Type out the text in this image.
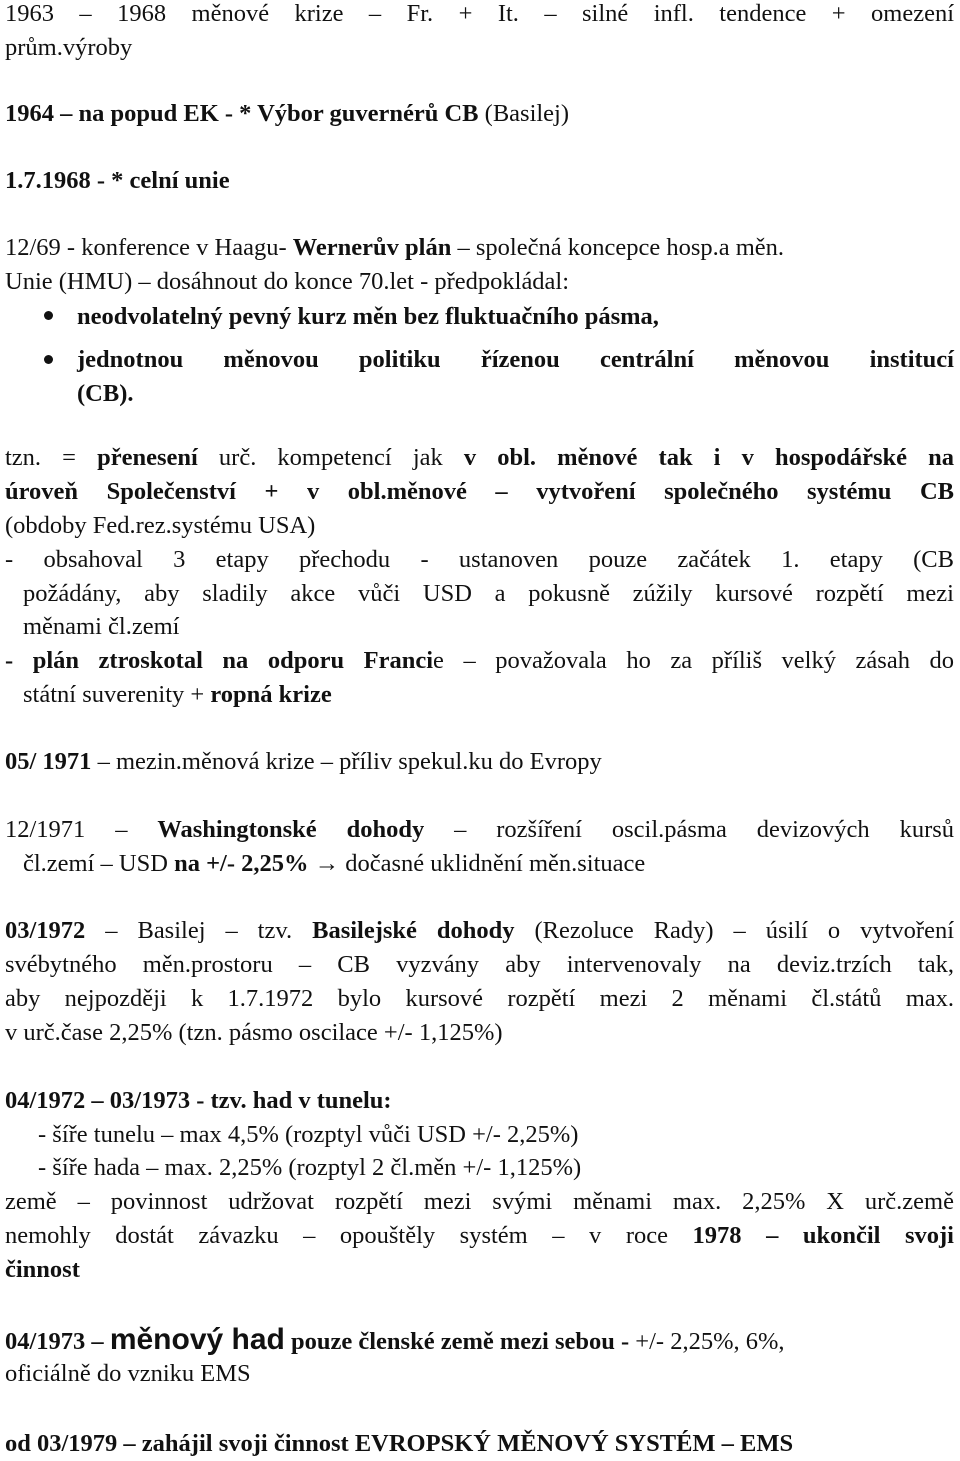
1963 – 1968 měnové krize – Fr. + It. – silné infl. tendence + omezení
prům.výroby
1964 – na popud EK - * Výbor guvernérů CB (Basilej)
1.7.1968 - * celní unie
12/69 - konference v Haagu- Wernerův plán – společná koncepce hosp.a měn.
Unie (HMU) – dosáhnout do konce 70.let - předpokládal:
neodvolatelný pevný kurz měn bez fluktuačního pásma,
jednotnou měnovou politiku řízenou centrální měnovou institucí
(CB).
tzn. = přenesení urč. kompetencí jak v obl. měnové tak i v hospodářské na
úroveň Společenství + v obl.měnové – vytvoření společného systému CB
(obdoby Fed.rez.systému USA)
- obsahoval 3 etapy přechodu - ustanoven pouze začátek 1. etapy (CB
požádány, aby sladily akce vůči USD a pokusně zúžily kursové rozpětí mezi
měnami čl.zemí
- plán ztroskotal na odporu Francie – považovala ho za příliš velký zásah do
státní suverenity + ropná krize
05/ 1971 – mezin.měnová krize – příliv spekul.ku do Evropy
12/1971 – Washingtonské dohody – rozšíření oscil.pásma devizových kursů
čl.zemí – USD na +/- 2,25% → dočasné uklidnění měn.situace
03/1972 – Basilej – tzv. Basilejské dohody (Rezoluce Rady) – úsilí o vytvoření
svébytného měn.prostoru – CB vyzvány aby intervenovaly na deviz.trzích tak,
aby nejpozději k 1.7.1972 bylo kursové rozpětí mezi 2 měnami čl.států max.
v urč.čase 2,25% (tzn. pásmo oscilace +/- 1,125%)
04/1972 – 03/1973 - tzv. had v tunelu:
- šíře tunelu – max 4,5% (rozptyl vůči USD +/- 2,25%)
- šíře hada – max. 2,25% (rozptyl 2 čl.měn +/- 1,125%)
země – povinnost udržovat rozpětí mezi svými měnami max. 2,25% X urč.země
nemohly dostát závazku – opouštěly systém – v roce 1978 – ukončil svoji
činnost
04/1973 – měnový had pouze členské země mezi sebou - +/- 2,25%, 6%,
oficiálně do vzniku EMS
od 03/1979 – zahájil svoji činnost EVROPSKÝ MĚNOVÝ SYSTÉM – EMS
